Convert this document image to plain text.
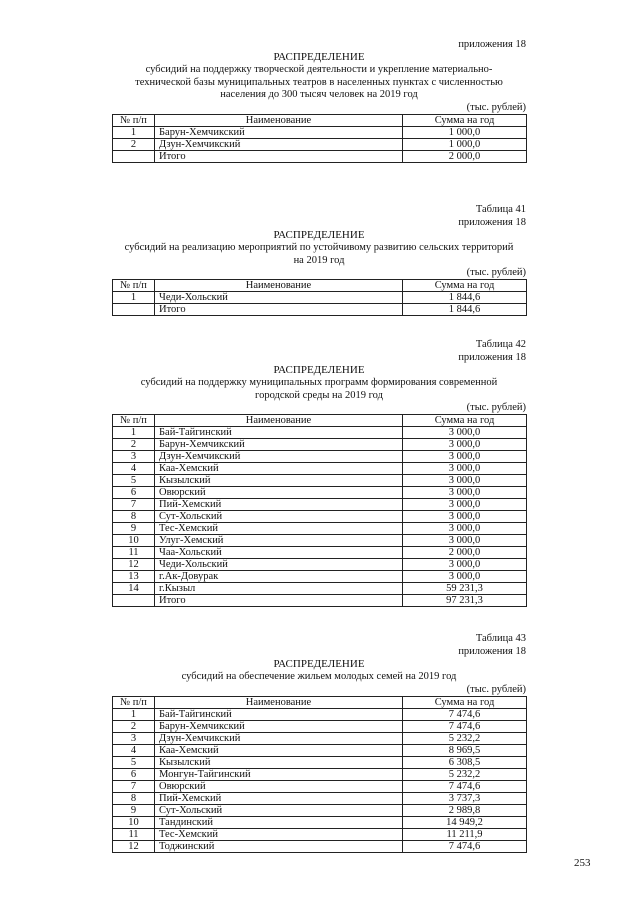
приложения 18
РАСПРЕДЕЛЕНИЕ
субсидий на поддержку творческой деятельности и укрепление материально-
технической базы муниципальных театров в населенных пунктах с численностью
населения до 300 тысяч человек на 2019 год
(тыс. рублей)
№ п/п	Наименование	Сумма на год
1	Барун-Хемчикский	1 000,0
2	Дзун-Хемчикский	1 000,0
	Итого	2 000,0
Таблица 41
приложения 18
РАСПРЕДЕЛЕНИЕ
субсидий на реализацию мероприятий по устойчивому развитию сельских территорий
на 2019 год
(тыс. рублей)
№ п/п	Наименование	Сумма на год
1	Чеди-Хольский	1 844,6
	Итого	1 844,6
Таблица 42
приложения 18
РАСПРЕДЕЛЕНИЕ
субсидий на поддержку муниципальных программ формирования современной
городской среды на 2019 год
(тыс. рублей)
№ п/п	Наименование	Сумма на год
1	Бай-Тайгинский	3 000,0
2	Барун-Хемчикский	3 000,0
3	Дзун-Хемчикский	3 000,0
4	Каа-Хемский	3 000,0
5	Кызылский	3 000,0
6	Овюрский	3 000,0
7	Пий-Хемский	3 000,0
8	Сут-Хольский	3 000,0
9	Тес-Хемский	3 000,0
10	Улуг-Хемский	3 000,0
11	Чаа-Хольский	2 000,0
12	Чеди-Хольский	3 000,0
13	г.Ак-Довурак	3 000,0
14	г.Кызыл	59 231,3
	Итого	97 231,3
Таблица 43
приложения 18
РАСПРЕДЕЛЕНИЕ
субсидий на обеспечение жильем молодых семей на 2019 год
(тыс. рублей)
№ п/п	Наименование	Сумма на год
1	Бай-Тайгинский	7 474,6
2	Барун-Хемчикский	7 474,6
3	Дзун-Хемчикский	5 232,2
4	Каа-Хемский	8 969,5
5	Кызылский	6 308,5
6	Монгун-Тайгинский	5 232,2
7	Овюрский	7 474,6
8	Пий-Хемский	3 737,3
9	Сут-Хольский	2 989,8
10	Тандинский	14 949,2
11	Тес-Хемский	11 211,9
12	Тоджинский	7 474,6
253
